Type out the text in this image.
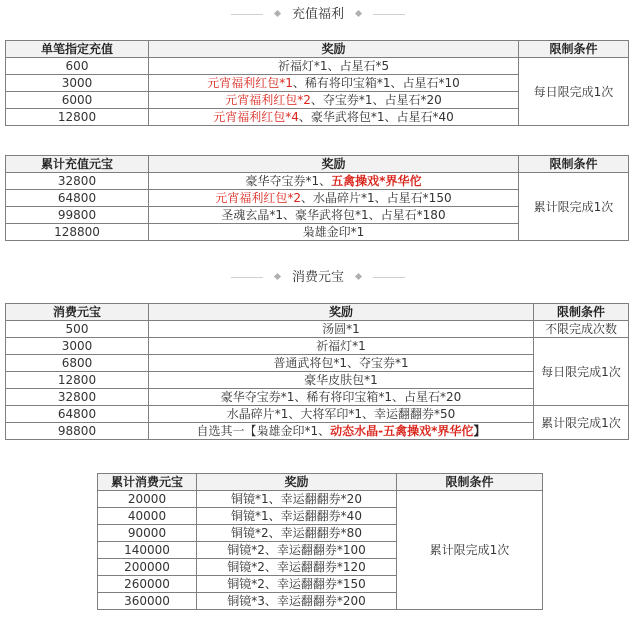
充值福利
单笔指定充值	奖励	限制条件
600	祈福灯*1、占星石*5	每日限完成1次
3000	元宵福利红包*1、稀有将印宝箱*1、占星石*10	
6000	元宵福利红包*2、夺宝券*1、占星石*20	
12800	元宵福利红包*4、豪华武将包*1、占星石*40	
累计充值元宝	奖励	限制条件
32800	豪华夺宝券*1、五禽操戏*界华佗	累计限完成1次
64800	元宵福利红包*2、水晶碎片*1、占星石*150	
99800	圣魂玄晶*1、豪华武将包*1、占星石*180	
128800	枭雄金印*1	
消费元宝
消费元宝	奖励	限制条件
500	汤圆*1	不限完成次数
3000	祈福灯*1	每日限完成1次
6800	普通武将包*1、夺宝券*1	
12800	豪华皮肤包*1	
32800	豪华夺宝券*1、稀有将印宝箱*1、占星石*20	
64800	水晶碎片*1、大将军印*1、幸运翻翻券*50	累计限完成1次
98800	自选其一【枭雄金印*1、动态水晶-五禽操戏*界华佗】	
累计消费元宝	奖励	限制条件
20000	铜镜*1、幸运翻翻券*20	累计限完成1次
40000	铜镜*1、幸运翻翻券*40	
90000	铜镜*2、幸运翻翻券*80	
140000	铜镜*2、幸运翻翻券*100	
200000	铜镜*2、幸运翻翻券*120	
260000	铜镜*2、幸运翻翻券*150	
360000	铜镜*3、幸运翻翻券*200	
